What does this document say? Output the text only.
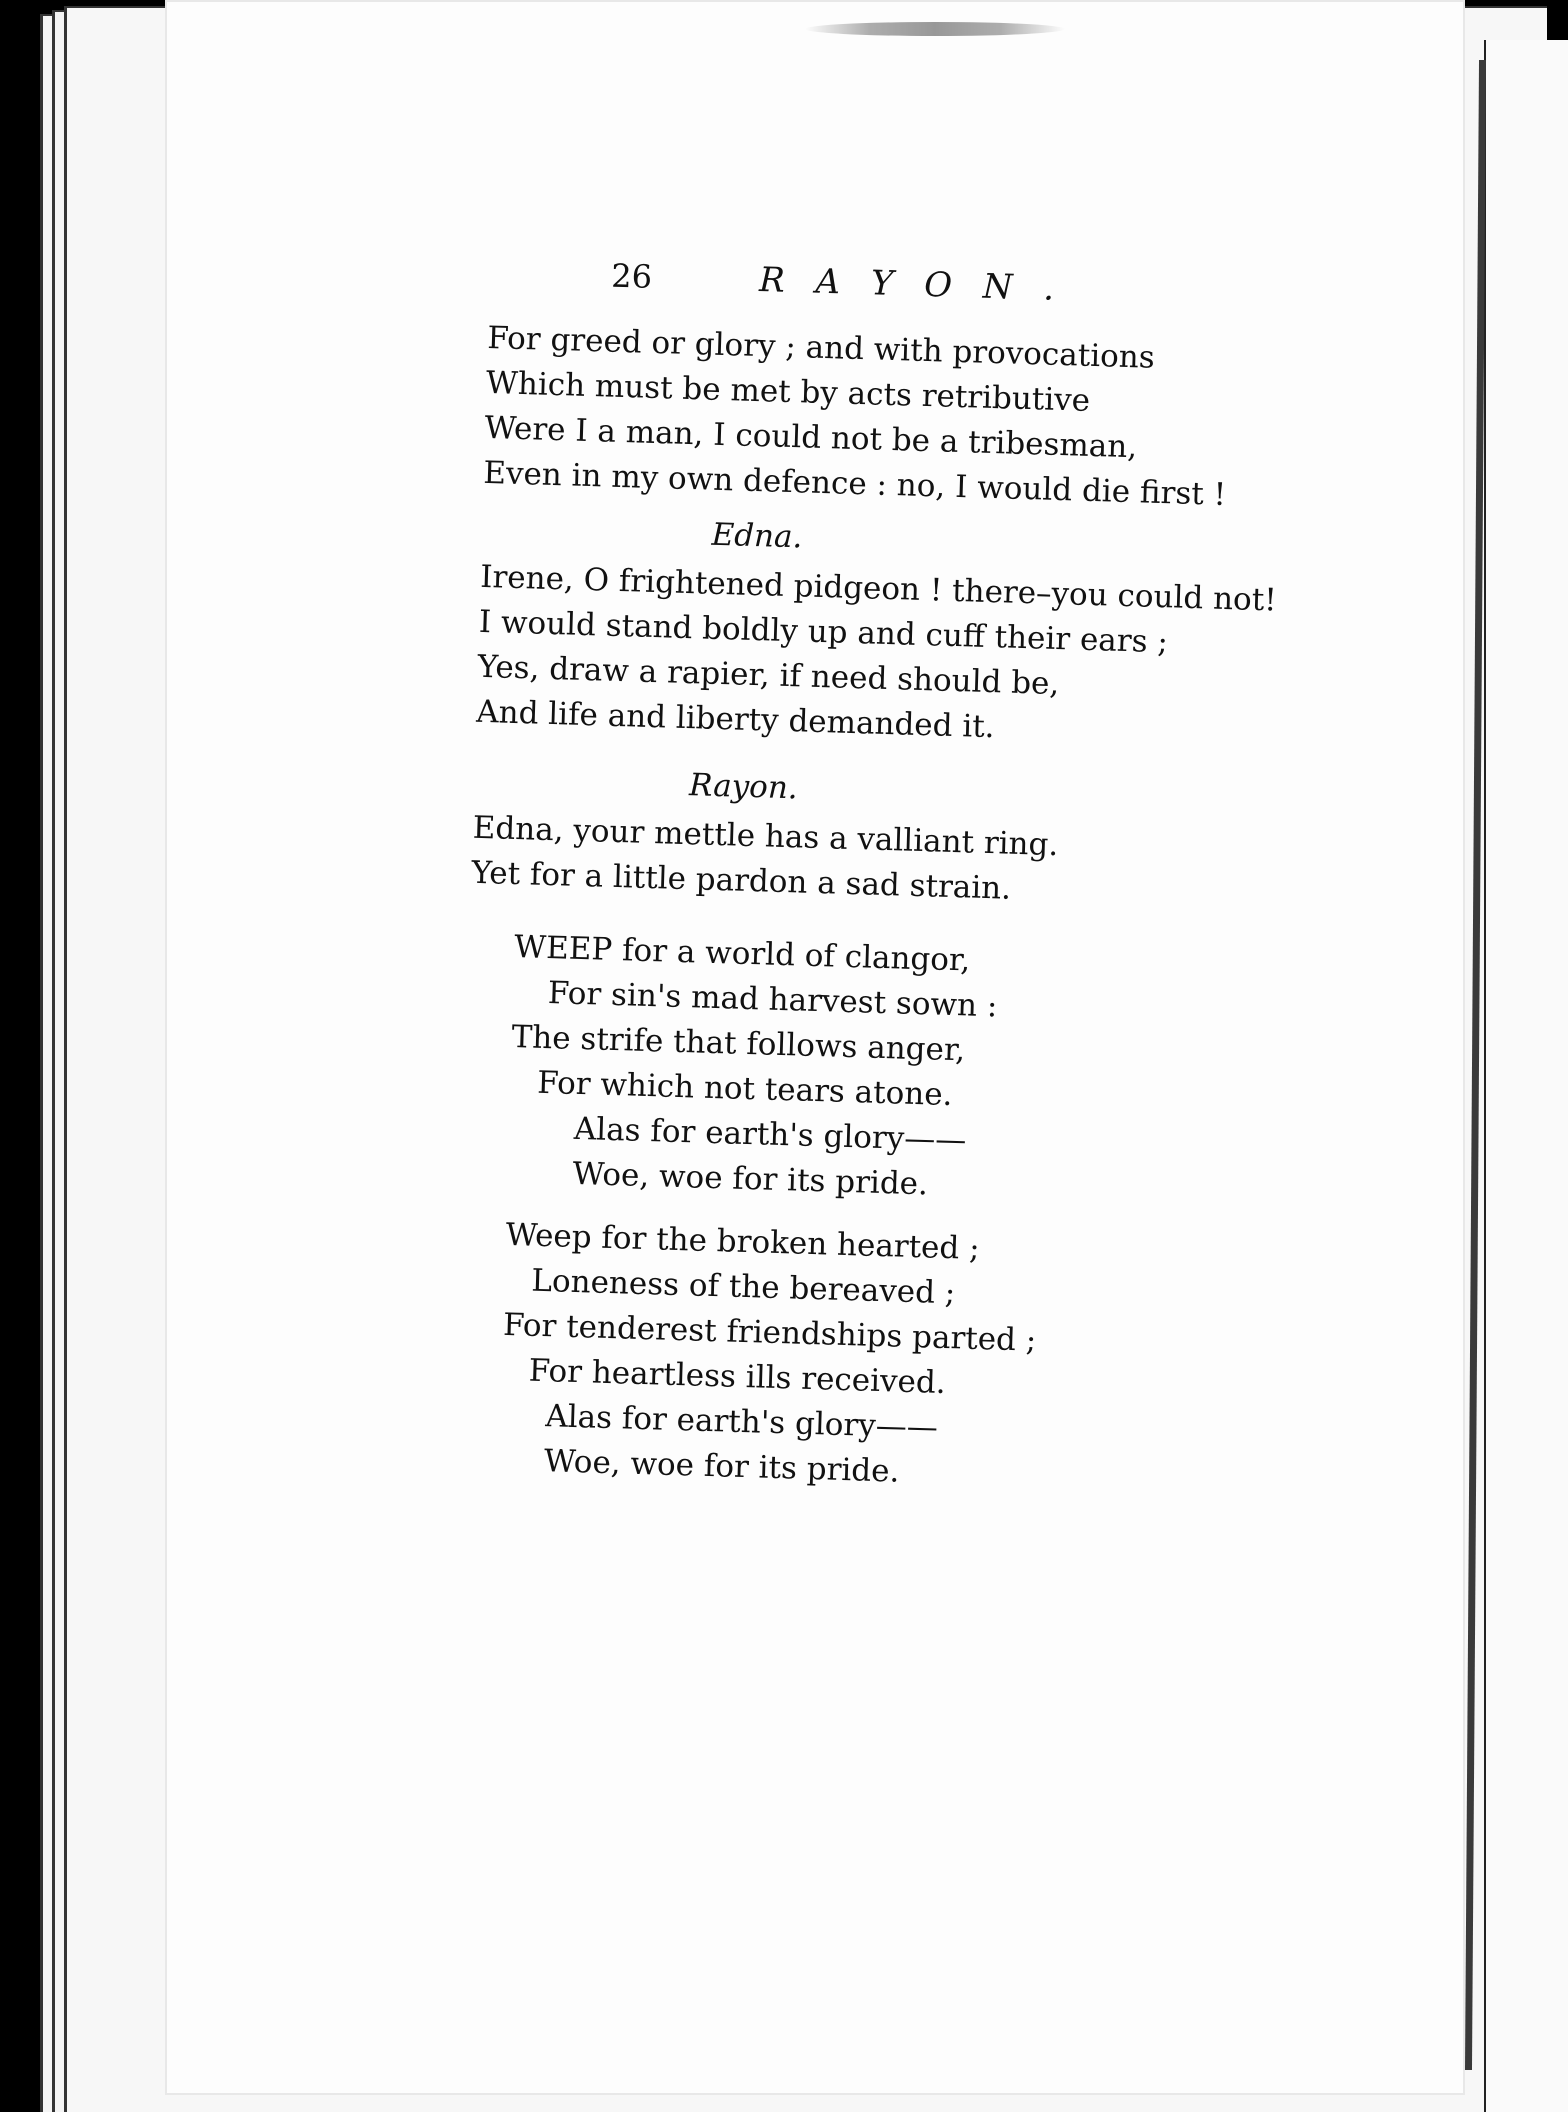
26	R A Y O N .
For greed or glory ; and with provocations
Which must be met by acts retributive
Were I a man, I could not be a tribesman,
Even in my own defence : no, I would die first !
Edna.
Irene, O frightened pidgeon ! there–you could not!
I would stand boldly up and cuff their ears ;
Yes, draw a rapier, if need should be,
And life and liberty demanded it.
Rayon.
Edna, your mettle has a valliant ring.
Yet for a little pardon a sad strain.
WEEP for a world of clangor,
For sin's mad harvest sown :
The strife that follows anger,
For which not tears atone.
Alas for earth's glory——
Woe, woe for its pride.
Weep for the broken hearted ;
Loneness of the bereaved ;
For tenderest friendships parted ;
For heartless ills received.
Alas for earth's glory——
Woe, woe for its pride.
